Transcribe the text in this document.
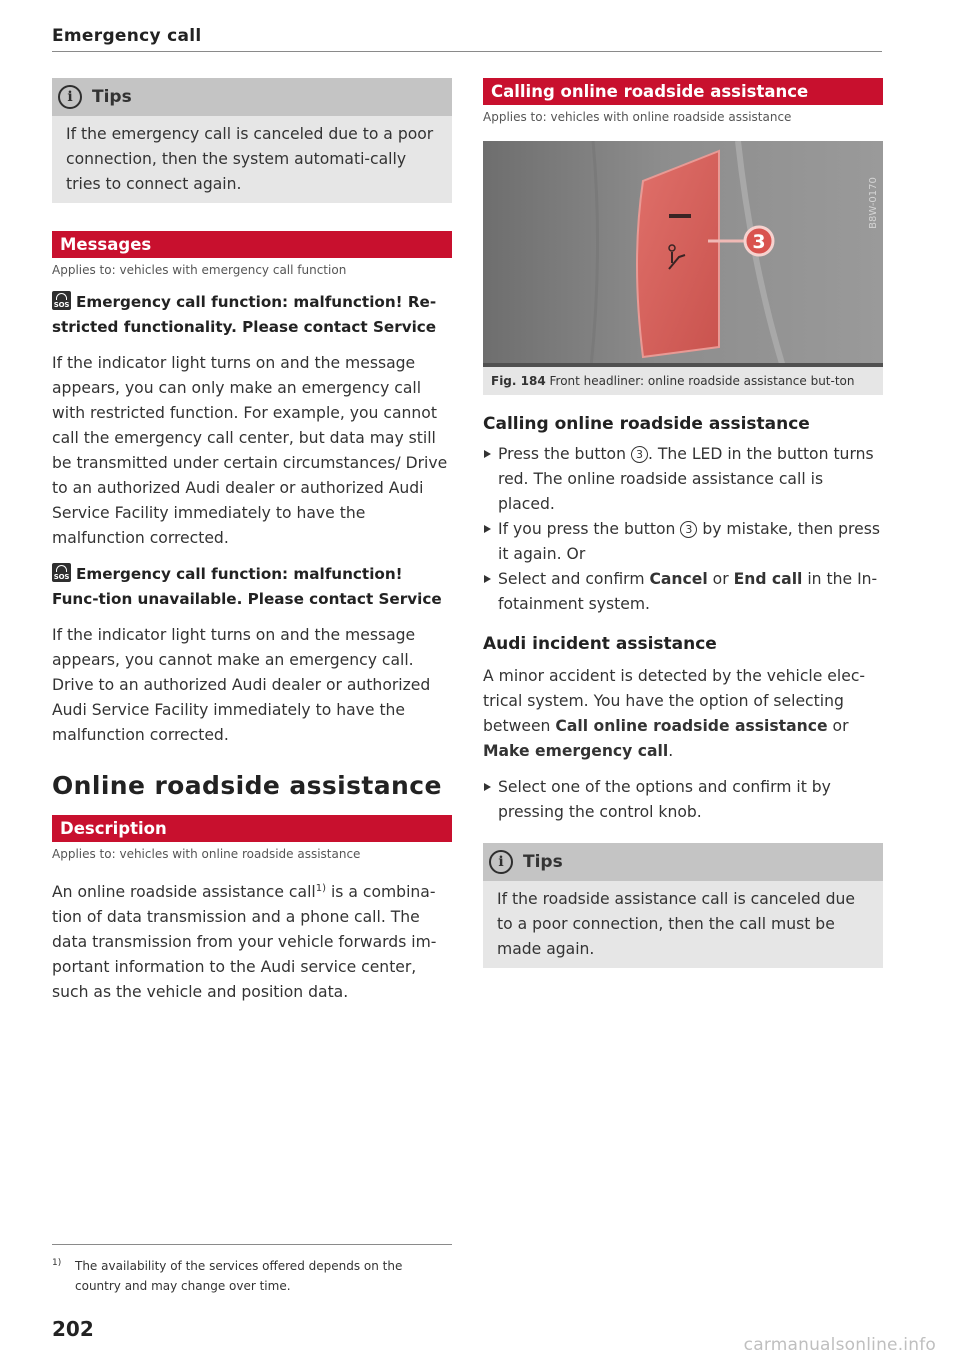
Emergency call
i	Tips
If the emergency call is canceled due to a poor connection, then the system automati-cally tries to connect again.
Messages
Applies to: vehicles with emergency call function
SOS Emergency call function: malfunction! Re-stricted functionality. Please contact Service
If the indicator light turns on and the message appears, you can only make an emergency call with restricted function. For example, you cannot call the emergency call center, but data may still be transmitted under certain circumstances/ Drive to an authorized Audi dealer or authorized Audi Service Facility immediately to have the malfunction corrected.
SOS Emergency call function: malfunction! Func-tion unavailable. Please contact Service
If the indicator light turns on and the message appears, you cannot make an emergency call. Drive to an authorized Audi dealer or authorized Audi Service Facility immediately to have the malfunction corrected.
Online roadside assistance
Description
Applies to: vehicles with online roadside assistance
An online roadside assistance call$^{1)}$ is a combina-tion of data transmission and a phone call. The data transmission from your vehicle forwards im-portant information to the Audi service center, such as the vehicle and position data.
1)	The availability of the services offered depends on the country and may change over time.
202
Calling online roadside assistance
Applies to: vehicles with online roadside assistance
3
B8W-0170
Fig. 184 Front headliner: online roadside assistance but-ton
Calling online roadside assistance
Press the button 3 . The LED in the button turns red. The online roadside assistance call is placed.
If you press the button 3 by mistake, then press it again. Or
Select and confirm Cancel or End call in the In-fotainment system.
Audi incident assistance
A minor accident is detected by the vehicle elec-trical system. You have the option of selecting between Call online roadside assistance or Make emergency call.
Select one of the options and confirm it by pressing the control knob.
i	Tips
If the roadside assistance call is canceled due to a poor connection, then the call must be made again.
carmanualsonline.info
